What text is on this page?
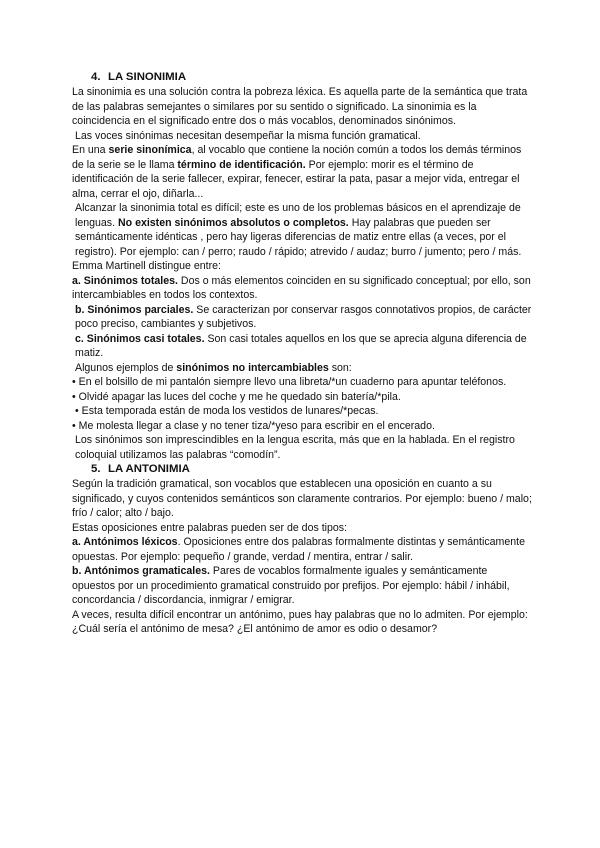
4. LA SINONIMIA

La sinonimia es una solución contra la pobreza léxica. Es aquella parte de la semántica que trata de las palabras semejantes o similares por su sentido o significado. La sinonimia es la coincidencia en el significado entre dos o más vocablos, denominados sinónimos.

Las voces sinónimas necesitan desempeñar la misma función gramatical.

En una serie sinonímica, al vocablo que contiene la noción común a todos los demás términos de la serie se le llama término de identificación. Por ejemplo: morir es el término de identificación de la serie fallecer, expirar, fenecer, estirar la pata, pasar a mejor vida, entregar el alma, cerrar el ojo, diñarla...

Alcanzar la sinonimia total es difícil; este es uno de los problemas básicos en el aprendizaje de lenguas. No existen sinónimos absolutos o completos. Hay palabras que pueden ser semánticamente idénticas , pero hay ligeras diferencias de matiz entre ellas (a veces, por el registro). Por ejemplo: can / perro; raudo / rápido; atrevido / audaz; burro / jumento; pero / más.

Emma Martinell distingue entre:

a. Sinónimos totales. Dos o más elementos coinciden en su significado conceptual; por ello, son intercambiables en todos los contextos.

b. Sinónimos parciales. Se caracterizan por conservar rasgos connotativos propios, de carácter poco preciso, cambiantes y subjetivos.

c. Sinónimos casi totales. Son casi totales aquellos en los que se aprecia alguna diferencia de matiz.

Algunos ejemplos de sinónimos no intercambiables son:

• En el bolsillo de mi pantalón siempre llevo una libreta/*un cuaderno para apuntar teléfonos.

• Olvidé apagar las luces del coche y me he quedado sin batería/*pila.

• Esta temporada están de moda los vestidos de lunares/*pecas.

• Me molesta llegar a clase y no tener tiza/*yeso para escribir en el encerado.

Los sinónimos son imprescindibles en la lengua escrita, más que en la hablada. En el registro coloquial utilizamos las palabras “comodín”.

5. LA ANTONIMIA

Según la tradición gramatical, son vocablos que establecen una oposición en cuanto a su significado, y cuyos contenidos semánticos son claramente contrarios. Por ejemplo: bueno / malo; frío / calor; alto / bajo.

Estas oposiciones entre palabras pueden ser de dos tipos:

a. Antónimos léxicos. Oposiciones entre dos palabras formalmente distintas y semánticamente opuestas. Por ejemplo: pequeño / grande, verdad / mentira, entrar / salir.

b. Antónimos gramaticales. Pares de vocablos formalmente iguales y semánticamente opuestos por un procedimiento gramatical construido por prefijos. Por ejemplo: hábil / inhábil, concordancia / discordancia, inmigrar / emigrar.

A veces, resulta difícil encontrar un antónimo, pues hay palabras que no lo admiten. Por ejemplo: ¿Cuál sería el antónimo de mesa? ¿El antónimo de amor es odio o desamor?
